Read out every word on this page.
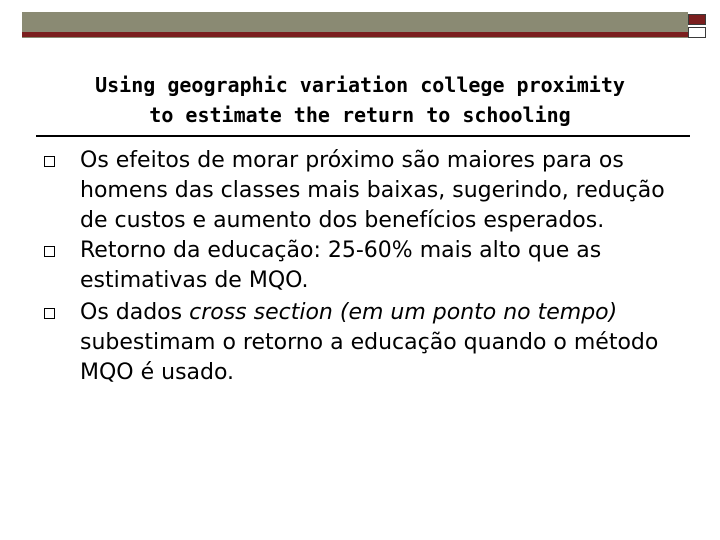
Using geographic variation college proximity
to estimate the return to schooling
Os efeitos de morar próximo são maiores para os homens das classes mais baixas, sugerindo, redução de custos e aumento dos benefícios esperados.
Retorno da educação: 25-60% mais alto que as estimativas de MQO.
Os dados cross section (em um ponto no tempo) subestimam o retorno a educação quando o método MQO é usado.
